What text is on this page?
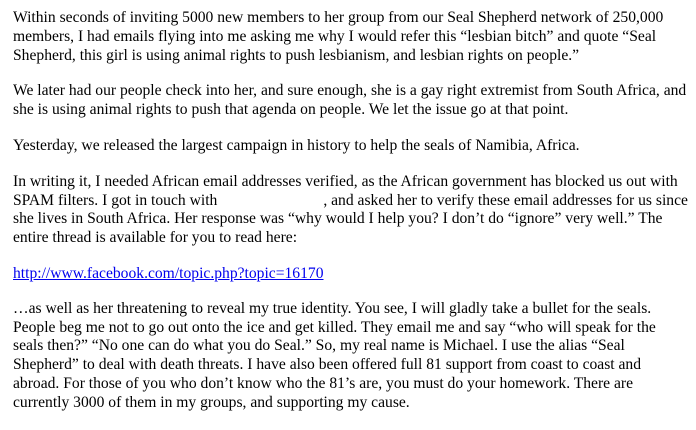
Within seconds of inviting 5000 new members to her group from our Seal Shepherd network of 250,000 members, I had emails flying into me asking me why I would refer this “lesbian bitch” and quote “Seal Shepherd, this girl is using animal rights to push lesbianism, and lesbian rights on people.”

We later had our people check into her, and sure enough, she is a gay right extremist from South Africa, and she is using animal rights to push that agenda on people. We let the issue go at that point.

Yesterday, we released the largest campaign in history to help the seals of Namibia, Africa.

In writing it, I needed African email addresses verified, as the African government has blocked us out with SPAM filters. I got in touch with	, and asked her to verify these email addresses for us since she lives in South Africa. Her response was “why would I help you? I don’t do “ignore” very well.” The entire thread is available for you to read here:

http://www.facebook.com/topic.php?topic=16170

…as well as her threatening to reveal my true identity. You see, I will gladly take a bullet for the seals. People beg me not to go out onto the ice and get killed. They email me and say “who will speak for the seals then?” “No one can do what you do Seal.” So, my real name is Michael. I use the alias “Seal Shepherd” to deal with death threats. I have also been offered full 81 support from coast to coast and abroad. For those of you who don’t know who the 81’s are, you must do your homework. There are currently 3000 of them in my groups, and supporting my cause.
